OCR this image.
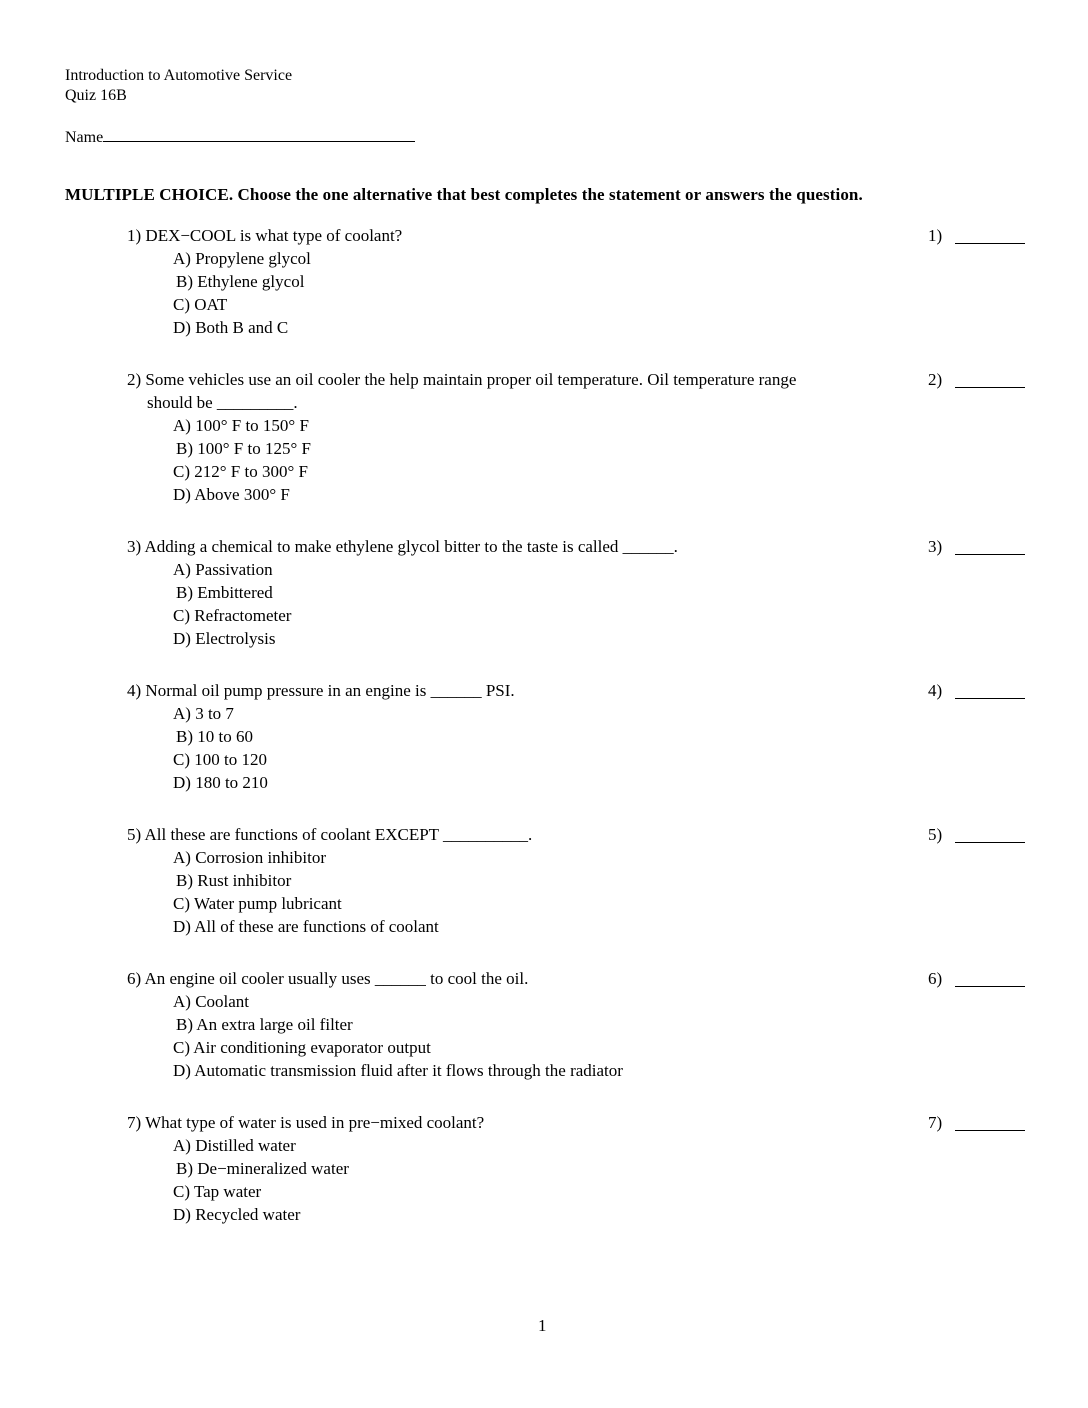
Introduction to Automotive Service
Quiz 16B
Name
MULTIPLE CHOICE. Choose the one alternative that best completes the statement or answers the question.
1) DEX−COOL is what type of coolant?
A) Propylene glycol
B) Ethylene glycol
C) OAT
D) Both B and C
1)
2) Some vehicles use an oil cooler the help maintain proper oil temperature. Oil temperature range
should be _________.
A) 100° F to 150° F
B) 100° F to 125° F
C) 212° F to 300° F
D) Above 300° F
2)
3) Adding a chemical to make ethylene glycol bitter to the taste is called ______.
A) Passivation
B) Embittered
C) Refractometer
D) Electrolysis
3)
4) Normal oil pump pressure in an engine is ______ PSI.
A) 3 to 7
B) 10 to 60
C) 100 to 120
D) 180 to 210
4)
5) All these are functions of coolant EXCEPT __________.
A) Corrosion inhibitor
B) Rust inhibitor
C) Water pump lubricant
D) All of these are functions of coolant
5)
6) An engine oil cooler usually uses ______ to cool the oil.
A) Coolant
B) An extra large oil filter
C) Air conditioning evaporator output
D) Automatic transmission fluid after it flows through the radiator
6)
7) What type of water is used in pre−mixed coolant?
A) Distilled water
B) De−mineralized water
C) Tap water
D) Recycled water
7)
1
